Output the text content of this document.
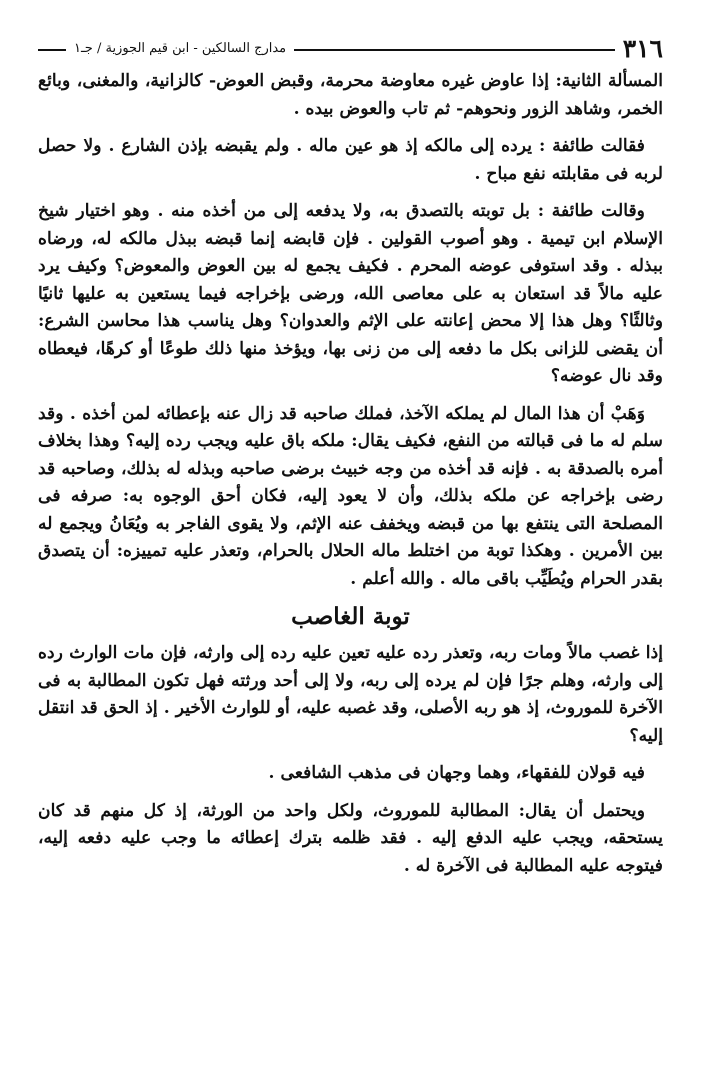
٣١٦
مدارج السالكين - ابن قيم الجوزية / جـ١

المسألة الثانية: إذا عاوض غيره معاوضة محرمة، وقبض العوض- كالزانية، والمغنى، وبائع الخمر، وشاهد الزور ونحوهم- ثم تاب والعوض بيده .

فقالت طائفة : يرده إلى مالكه إذ هو عين ماله . ولم يقبضه بإذن الشارع . ولا حصل لربه فى مقابلته نفع مباح .

وقالت طائفة : بل توبته بالتصدق به، ولا يدفعه إلى من أخذه منه . وهو اختيار شيخ الإسلام ابن تيمية . وهو أصوب القولين . فإن قابضه إنما قبضه ببذل مالكه له، ورضاه ببذله . وقد استوفى عوضه المحرم . فكيف يجمع له بين العوض والمعوض؟ وكيف يرد عليه مالاً قد استعان به على معاصى الله، ورضى بإخراجه فيما يستعين به عليها ثانيًا وثالثًا؟ وهل هذا إلا محض إعانته على الإثم والعدوان؟ وهل يناسب هذا محاسن الشرع: أن يقضى للزانى بكل ما دفعه إلى من زنى بها، ويؤخذ منها ذلك طوعًا أو كرهًا، فيعطاه وقد نال عوضه؟

وَهَبْ أن هذا المال لم يملكه الآخذ، فملك صاحبه قد زال عنه بإعطائه لمن أخذه . وقد سلم له ما فى قبالته من النفع، فكيف يقال: ملكه باق عليه ويجب رده إليه؟ وهذا بخلاف أمره بالصدقة به . فإنه قد أخذه من وجه خبيث برضى صاحبه وبذله له بذلك، وصاحبه قد رضى بإخراجه عن ملكه بذلك، وأن لا يعود إليه، فكان أحق الوجوه به: صرفه فى المصلحة التى ينتفع بها من قبضه ويخفف عنه الإثم، ولا يقوى الفاجر به ويُعَانُ ويجمع له بين الأمرين . وهكذا توبة من اختلط ماله الحلال بالحرام، وتعذر عليه تمييزه: أن يتصدق بقدر الحرام ويُطَيِّب باقى ماله . والله أعلم .

توبة الغاصب

إذا غصب مالاً ومات ربه، وتعذر رده عليه تعين عليه رده إلى وارثه، فإن مات الوارث رده إلى وارثه، وهلم جرًا فإن لم يرده إلى ربه، ولا إلى أحد ورثته فهل تكون المطالبة به فى الآخرة للموروث، إذ هو ربه الأصلى، وقد غصبه عليه، أو للوارث الأخير . إذ الحق قد انتقل إليه؟

فيه قولان للفقهاء، وهما وجهان فى مذهب الشافعى .

ويحتمل أن يقال: المطالبة للموروث، ولكل واحد من الورثة، إذ كل منهم قد كان يستحقه، ويجب عليه الدفع إليه . فقد ظلمه بترك إعطائه ما وجب عليه دفعه إليه، فيتوجه عليه المطالبة فى الآخرة له .
